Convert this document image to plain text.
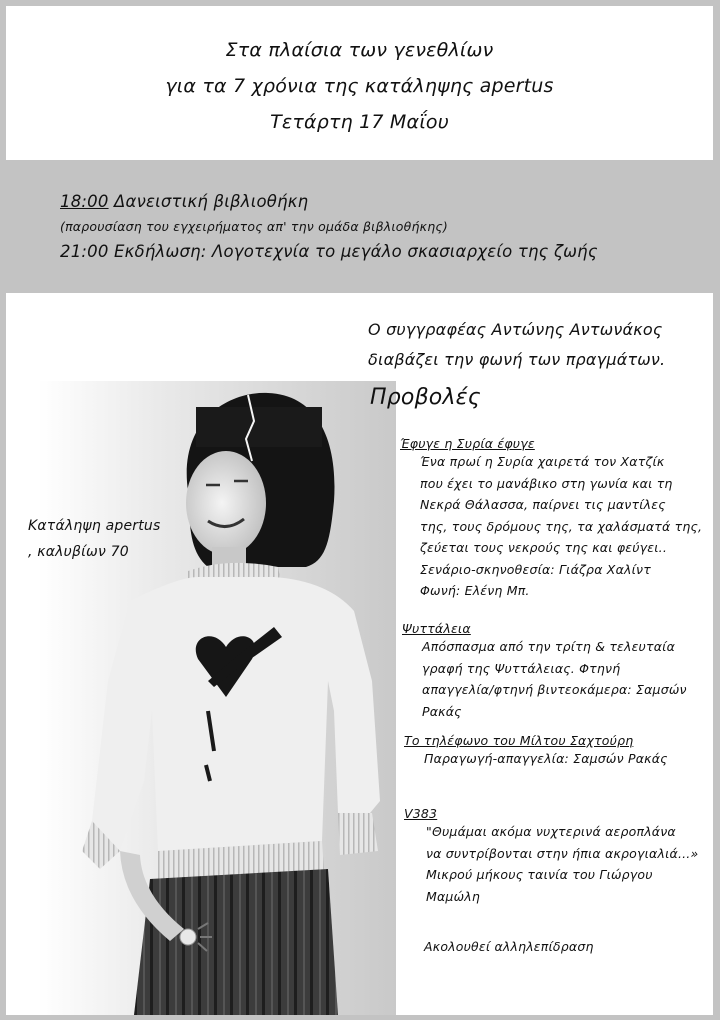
Στα πλαίσια των γενεθλίων
για τα 7 χρόνια της κατάληψης apertus
Τετάρτη 17 Μαΐου
18:00 Δανειστική βιβλιοθήκη
(παρουσίαση του εγχειρήματος απ' την ομάδα βιβλιοθήκης)
21:00 Εκδήλωση: Λογοτεχνία το μεγάλο σκασιαρχείο της ζωής
Κατάληψη apertus
, καλυβίων 70
Ο συγγραφέας Αντώνης Αντωνάκος
διαβάζει την φωνή των πραγμάτων.
Προβολές
Έφυγε η Συρία έφυγε
Ένα πρωί η Συρία χαιρετά τον Χατζίκ
που έχει το μανάβικο στη γωνία και τη
Νεκρά Θάλασσα, παίρνει τις μαντίλες
της, τους δρόμους της, τα χαλάσματά της,
ζεύεται τους νεκρούς της και φεύγει..
Σενάριο-σκηνοθεσία: Γιάζρα Χαλίντ
Φωνή: Ελένη Μπ.
Ψυττάλεια
Απόσπασμα από την τρίτη & τελευταία
γραφή της Ψυττάλειας. Φτηνή
απαγγελία/φτηνή βιντεοκάμερα: Σαμσών
Ρακάς
Το τηλέφωνο του Μίλτου Σαχτούρη
Παραγωγή-απαγγελία: Σαμσών Ρακάς
V383
"Θυμάμαι ακόμα νυχτερινά αεροπλάνα
να συντρίβονται στην ήπια ακρογιαλιά...»
Μικρού μήκους ταινία του Γιώργου
Μαμώλη
Ακολουθεί αλληλεπίδραση
